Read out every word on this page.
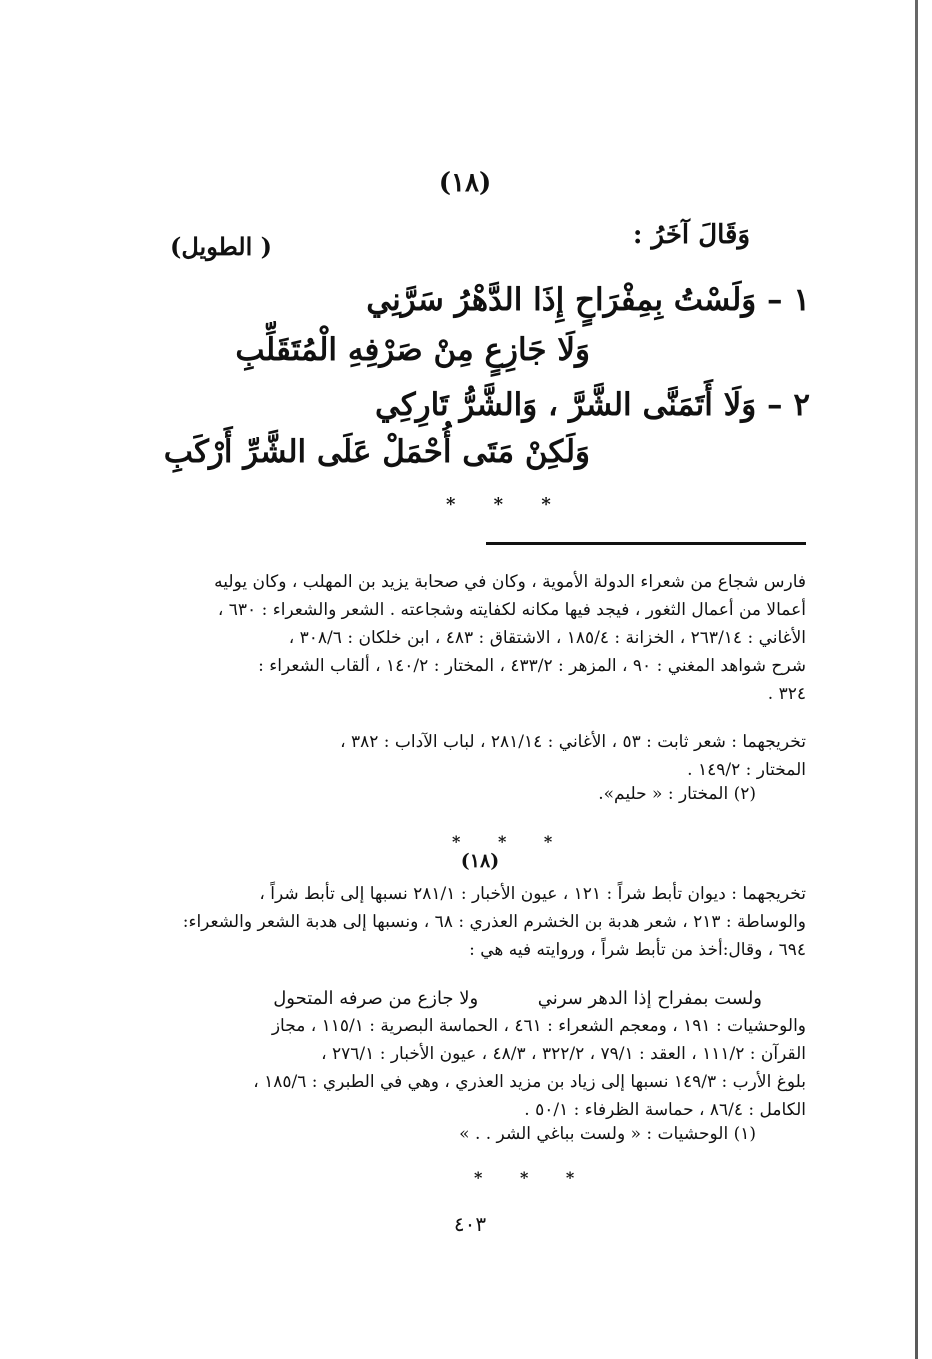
(١٨)
وَقَالَ آخَرُ :
( الطويل)
١ – وَلَسْتُ بِمِفْرَاحٍ إِذَا الدَّهْرُ سَرَّنِي
وَلَا جَازِعٍ مِنْ صَرْفِهِ الْمُتَقَلِّبِ
٢ – وَلَا أَتَمَنَّى الشَّرَّ ، وَالشَّرُّ تَارِكِي
وَلَكِنْ مَتَى أُحْمَلْ عَلَى الشَّرِّ أَرْكَبِ
* * *

فارس شجاع من شعراء الدولة الأموية ، وكان في صحابة يزيد بن المهلب ، وكان يوليه

أعمالا من أعمال الثغور ، فيجد فيها مكانه لكفايته وشجاعته . الشعر والشعراء : ٦٣٠ ،

الأغاني : ٢٦٣/١٤ ، الخزانة : ١٨٥/٤ ، الاشتقاق : ٤٨٣ ، ابن خلكان : ٣٠٨/٦ ،

شرح شواهد المغني : ٩٠ ، المزهر : ٤٣٣/٢ ، المختار : ١٤٠/٢ ، ألقاب الشعراء :

٣٢٤ .

تخريجهما : شعر ثابت : ٥٣ ، الأغاني : ٢٨١/١٤ ، لباب الآداب : ٣٨٢ ،

المختار : ١٤٩/٢ .

(٢) المختار : « حليم».
* * *
(١٨)

تخريجهما : ديوان تأبط شراً : ١٢١ ، عيون الأخبار : ٢٨١/١ نسبها إلى تأبط شراً ،

والوساطة : ٢١٣ ، شعر هدبة بن الخشرم العذري : ٦٨ ، ونسبها إلى هدبة الشعر والشعراء:

٦٩٤ ، وقال:أخذ من تأبط شراً ، وروايته فيه هي :

ولست بمفراح إذا الدهر سرني  ولا جازع من صرفه المتحول

والوحشيات : ١٩١ ، ومعجم الشعراء : ٤٦١ ، الحماسة البصرية : ١١٥/١ ، مجاز

القرآن : ١١١/٢ ، العقد : ٧٩/١ ، ٣٢٢/٢ ، ٤٨/٣ ، عيون الأخبار : ٢٧٦/١ ،

بلوغ الأرب : ١٤٩/٣ نسبها إلى زياد بن مزيد العذري ، وهي في الطبري : ١٨٥/٦ ،

الكامل : ٨٦/٤ ، حماسة الظرفاء : ٥٠/١ .

(١) الوحشيات : « ولست بباغي الشر . . »
* * *
٤٠٣
